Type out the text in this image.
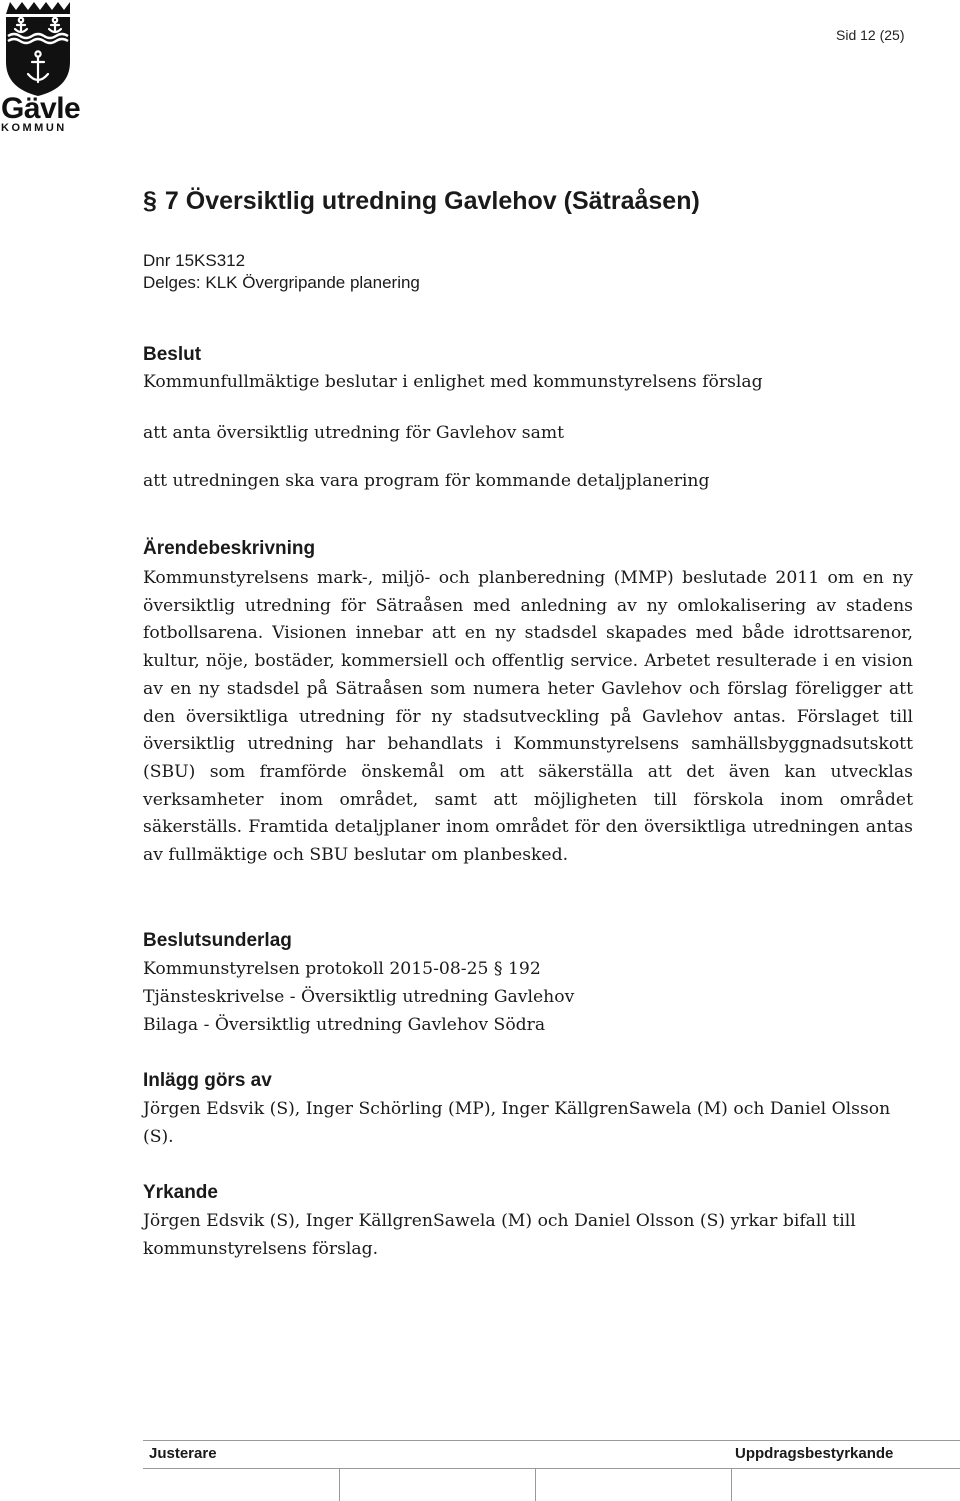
Gävle
KOMMUN
Sid 12 (25)
§ 7 Översiktlig utredning Gavlehov (Sätraåsen)
Dnr 15KS312
Delges: KLK Övergripande planering
Beslut

Kommunfullmäktige beslutar i enlighet med kommunstyrelsens förslag

att anta översiktlig utredning för Gavlehov samt

att utredningen ska vara program för kommande detaljplanering

Ärendebeskrivning

Kommunstyrelsens mark-, miljö- och planberedning (MMP) beslutade 2011 om en ny översiktlig utredning för Sätraåsen med anledning av ny omlokalisering av stadens fotbollsarena. Visionen innebar att en ny stadsdel skapades med både idrottsarenor, kultur, nöje, bostäder, kommersiell och offentlig service. Arbetet resulterade i en vision av en ny stadsdel på Sätraåsen som numera heter Gavlehov och förslag föreligger att den översiktliga utredning för ny stadsutveckling på Gavlehov antas. Förslaget till översiktlig utredning har behandlats i Kommunstyrelsens samhällsbyggnadsutskott (SBU) som framförde önskemål om att säkerställa att det även kan utvecklas verksamheter inom området, samt att möjligheten till förskola inom området säkerställs. Framtida detaljplaner inom området för den översiktliga utredningen antas av fullmäktige och SBU beslutar om planbesked.

Beslutsunderlag

Kommunstyrelsen protokoll 2015-08-25 § 192

Tjänsteskrivelse - Översiktlig utredning Gavlehov

Bilaga - Översiktlig utredning Gavlehov Södra

Inlägg görs av

Jörgen Edsvik (S), Inger Schörling (MP), Inger KällgrenSawela (M) och Daniel Olsson (S).

Yrkande

Jörgen Edsvik (S), Inger KällgrenSawela (M) och Daniel Olsson (S) yrkar bifall till kommunstyrelsens förslag.

Justerare	Uppdragsbestyrkande
